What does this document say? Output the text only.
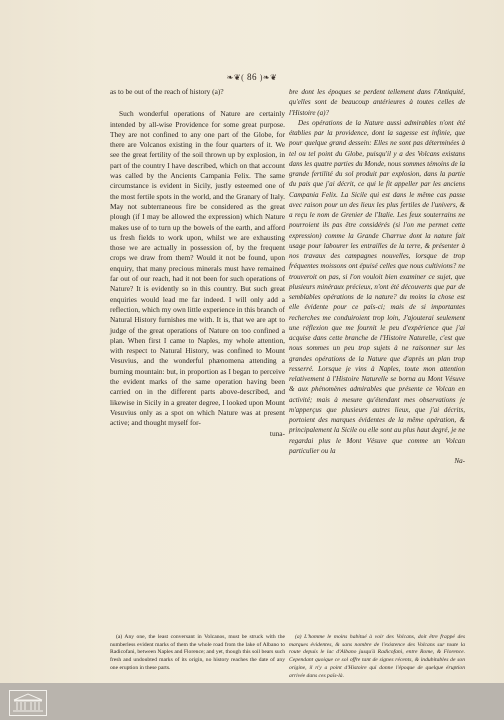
❧❦( 86 )❧❦

as to be out of the reach of history (a)?

Such wonderful operations of Nature are certainly intended by all-wise Providence for some great purpose. They are not confined to any one part of the Globe, for there are Volcanos existing in the four quarters of it. We see the great fertility of the soil thrown up by explosion, in part of the country I have described, which on that account was called by the Ancients Campania Felix. The same circumstance is evident in Sicily, justly esteemed one of the most fertile spots in the world, and the Granary of Italy. May not subterraneous fire be considered as the great plough (if I may be allowed the expression) which Nature makes use of to turn up the bowels of the earth, and afford us fresh fields to work upon, whilst we are exhausting those we are actually in possession of, by the frequent crops we draw from them? Would it not be found, upon enquiry, that many precious minerals must have remained far out of our reach, had it not been for such operations of Nature? It is evidently so in this country. But such great enquiries would lead me far indeed. I will only add a reflection, which my own little experience in this branch of Natural History furnishes me with. It is, that we are apt to judge of the great operations of Nature on too confined a plan. When first I came to Naples, my whole attention, with respect to Natural History, was confined to Mount Vesuvius, and the wonderful phænomena attending a burning mountain: but, in proportion as I began to perceive the evident marks of the same operation having been carried on in the different parts above-described, and likewise in Sicily in a greater degree, I looked upon Mount Vesuvius only as a spot on which Nature was at present active; and thought myself for-

tuna-

bre dont les époques se perdent tellement dans l'Antiquité, qu'elles sont de beaucoup antérieures à toutes celles de l'Histoire (a)?

Des opérations de la Nature aussi admirables n'ont été établies par la providence, dont la sagesse est infinie, que pour quelque grand dessein: Elles ne sont pas déterminées à tel ou tel point du Globe, puisqu'il y a des Volcans existans dans les quatre parties du Monde, nous sommes témoins de la grande fertilité du sol produit par explosion, dans la partie du pais que j'ai décrit, ce qui le fit appeller par les anciens Campania Felix. La Sicile qui est dans le même cas passe avec raison pour un des lieux les plus fertiles de l'univers, & a reçu le nom de Grenier de l'Italie. Les feux souterrains ne pourroient ils pas être considérés (si l'on me permet cette expression) comme la Grande Charrue dont la nature fait usage pour labourer les entrailles de la terre, & présenter à nos travaux des campagnes nouvelles, lorsque de trop fréquentes moissons ont épuisé celles que nous cultivions? ne trouveroit on pas, si l'on vouloit bien examiner ce sujet, que plusieurs minéraux précieux, n'ont été découverts que par de semblables opérations de la nature? du moins la chose est elle évidente pour ce païs-ci; mais de si importantes recherches me conduiroient trop loin, J'ajouterai seulement une réflexion que me fournit le peu d'expérience que j'ai acquise dans cette branche de l'Histoire Naturelle, c'est que nous sommes un peu trop sujets à ne raisonner sur les grandes opérations de la Nature que d'après un plan trop resserré. Lorsque je vins à Naples, toute mon attention relativement à l'Histoire Naturelle se borna au Mont Vésuve & aux phénomènes admirables que présente ce Volcan en activité; mais à mesure qu'étendant mes observations je m'apperçus que plusieurs autres lieux, que j'ai décrits, portoient des marques évidentes de la même opération, & principalement la Sicile ou elle sont au plus haut degré, je ne regardai plus le Mont Vésuve que comme un Volcan particulier ou la

Na-

(a) Any one, the least conversant in Volcanos, must be struck with the numberless evident marks of them the whole road from the lake of Albano to Radicofani, between Naples and Florence; and yet, though this soil bears such fresh and undoubted marks of its origin, no history reaches the date of any one eruption in these parts.

(a) L'homme le moins habitué à voir des Volcans, doit être frappé des marques évidentes, & sans nombre de l'existence des Volcans sur toute la route depuis le lac d'Albano jusqu'à Radicofani, entre Rome, & Florence. Cependant quoique ce sol offre tant de signes récents, & indubitables de son origine, il n'y a point d'Histoire qui donne l'époque de quelque éruption arrivée dans ces païs-là.
